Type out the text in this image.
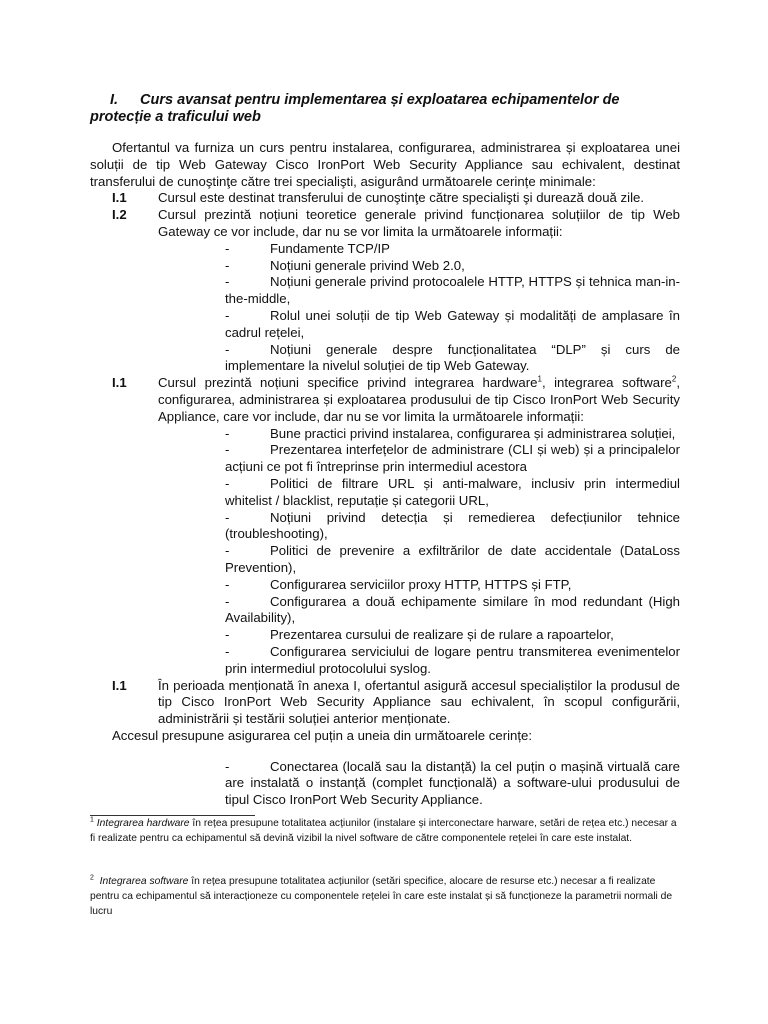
I. Curs avansat pentru implementarea și exploatarea echipamentelor de protecție a traficului web

Ofertantul va furniza un curs pentru instalarea, configurarea, administrarea și exploatarea unei soluții de tip Web Gateway Cisco IronPort Web Security Appliance sau echivalent, destinat transferului de cunoştinţe către trei specialişti, asigurând următoarele cerințe minimale:

I.1	Cursul este destinat transferului de cunoştinţe către specialişti şi durează două zile.
I.2	Cursul prezintă noțiuni teoretice generale privind funcționarea soluțiilor de tip Web Gateway ce vor include, dar nu se vor limita la următoarele informații:

-	Fundamente TCP/IP

-	Noțiuni generale privind Web 2.0,

-	Noțiuni generale privind protocoalele HTTP, HTTPS și tehnica man-in-the-middle,

-	Rolul unei soluții de tip Web Gateway și modalități de amplasare în cadrul rețelei,

-	Noțiuni generale despre funcționalitatea “DLP” și curs de implementare la nivelul soluției de tip Web Gateway.

I.1	Cursul prezintă noțiuni specifice privind integrarea hardware$^1$, integrarea software$^2$, configurarea, administrarea și exploatarea produsului de tip Cisco IronPort Web Security Appliance, care vor include, dar nu se vor limita la următoarele informații:

-	Bune practici privind instalarea, configurarea și administrarea soluției,

-	Prezentarea interfețelor de administrare (CLI și web) și a principalelor acțiuni ce pot fi întreprinse prin intermediul acestora

-	Politici de filtrare URL și anti-malware, inclusiv prin intermediul whitelist / blacklist, reputație și categorii URL,

-	Noțiuni privind detecția și remedierea defecțiunilor tehnice (troubleshooting),

-	Politici de prevenire a exfiltrărilor de date accidentale (DataLoss Prevention),

-	Configurarea serviciilor proxy HTTP, HTTPS și FTP,

-	Configurarea a două echipamente similare în mod redundant (High Availability),

-	Prezentarea cursului de realizare și de rulare a rapoartelor,

-	Configurarea serviciului de logare pentru transmiterea evenimentelor prin intermediul protocolului syslog.

I.1	În perioada menționată în anexa I, ofertantul asigură accesul specialiștilor la produsul de tip Cisco IronPort Web Security Appliance sau echivalent, în scopul configurării, administrării și testării soluției anterior menționate.

Accesul presupune asigurarea cel puțin a uneia din următoarele cerințe:

-	Conectarea (locală sau la distanță) la cel puțin o mașină virtuală care are instalată o instanță (complet funcțională) a software-ului produsului de tipul Cisco IronPort Web Security Appliance.

$^1$ Integrarea hardware în rețea presupune totalitatea acțiunilor (instalare și interconectare harware, setări de rețea etc.) necesar a fi realizate pentru ca echipamentul să devină vizibil la nivel software de către componentele rețelei în care este instalat.
$^2$ Integrarea software în rețea presupune totalitatea acțiunilor (setări specifice, alocare de resurse etc.) necesar a fi realizate pentru ca echipamentul să interacționeze cu componentele rețelei în care este instalat și să funcționeze la parametrii normali de lucru
